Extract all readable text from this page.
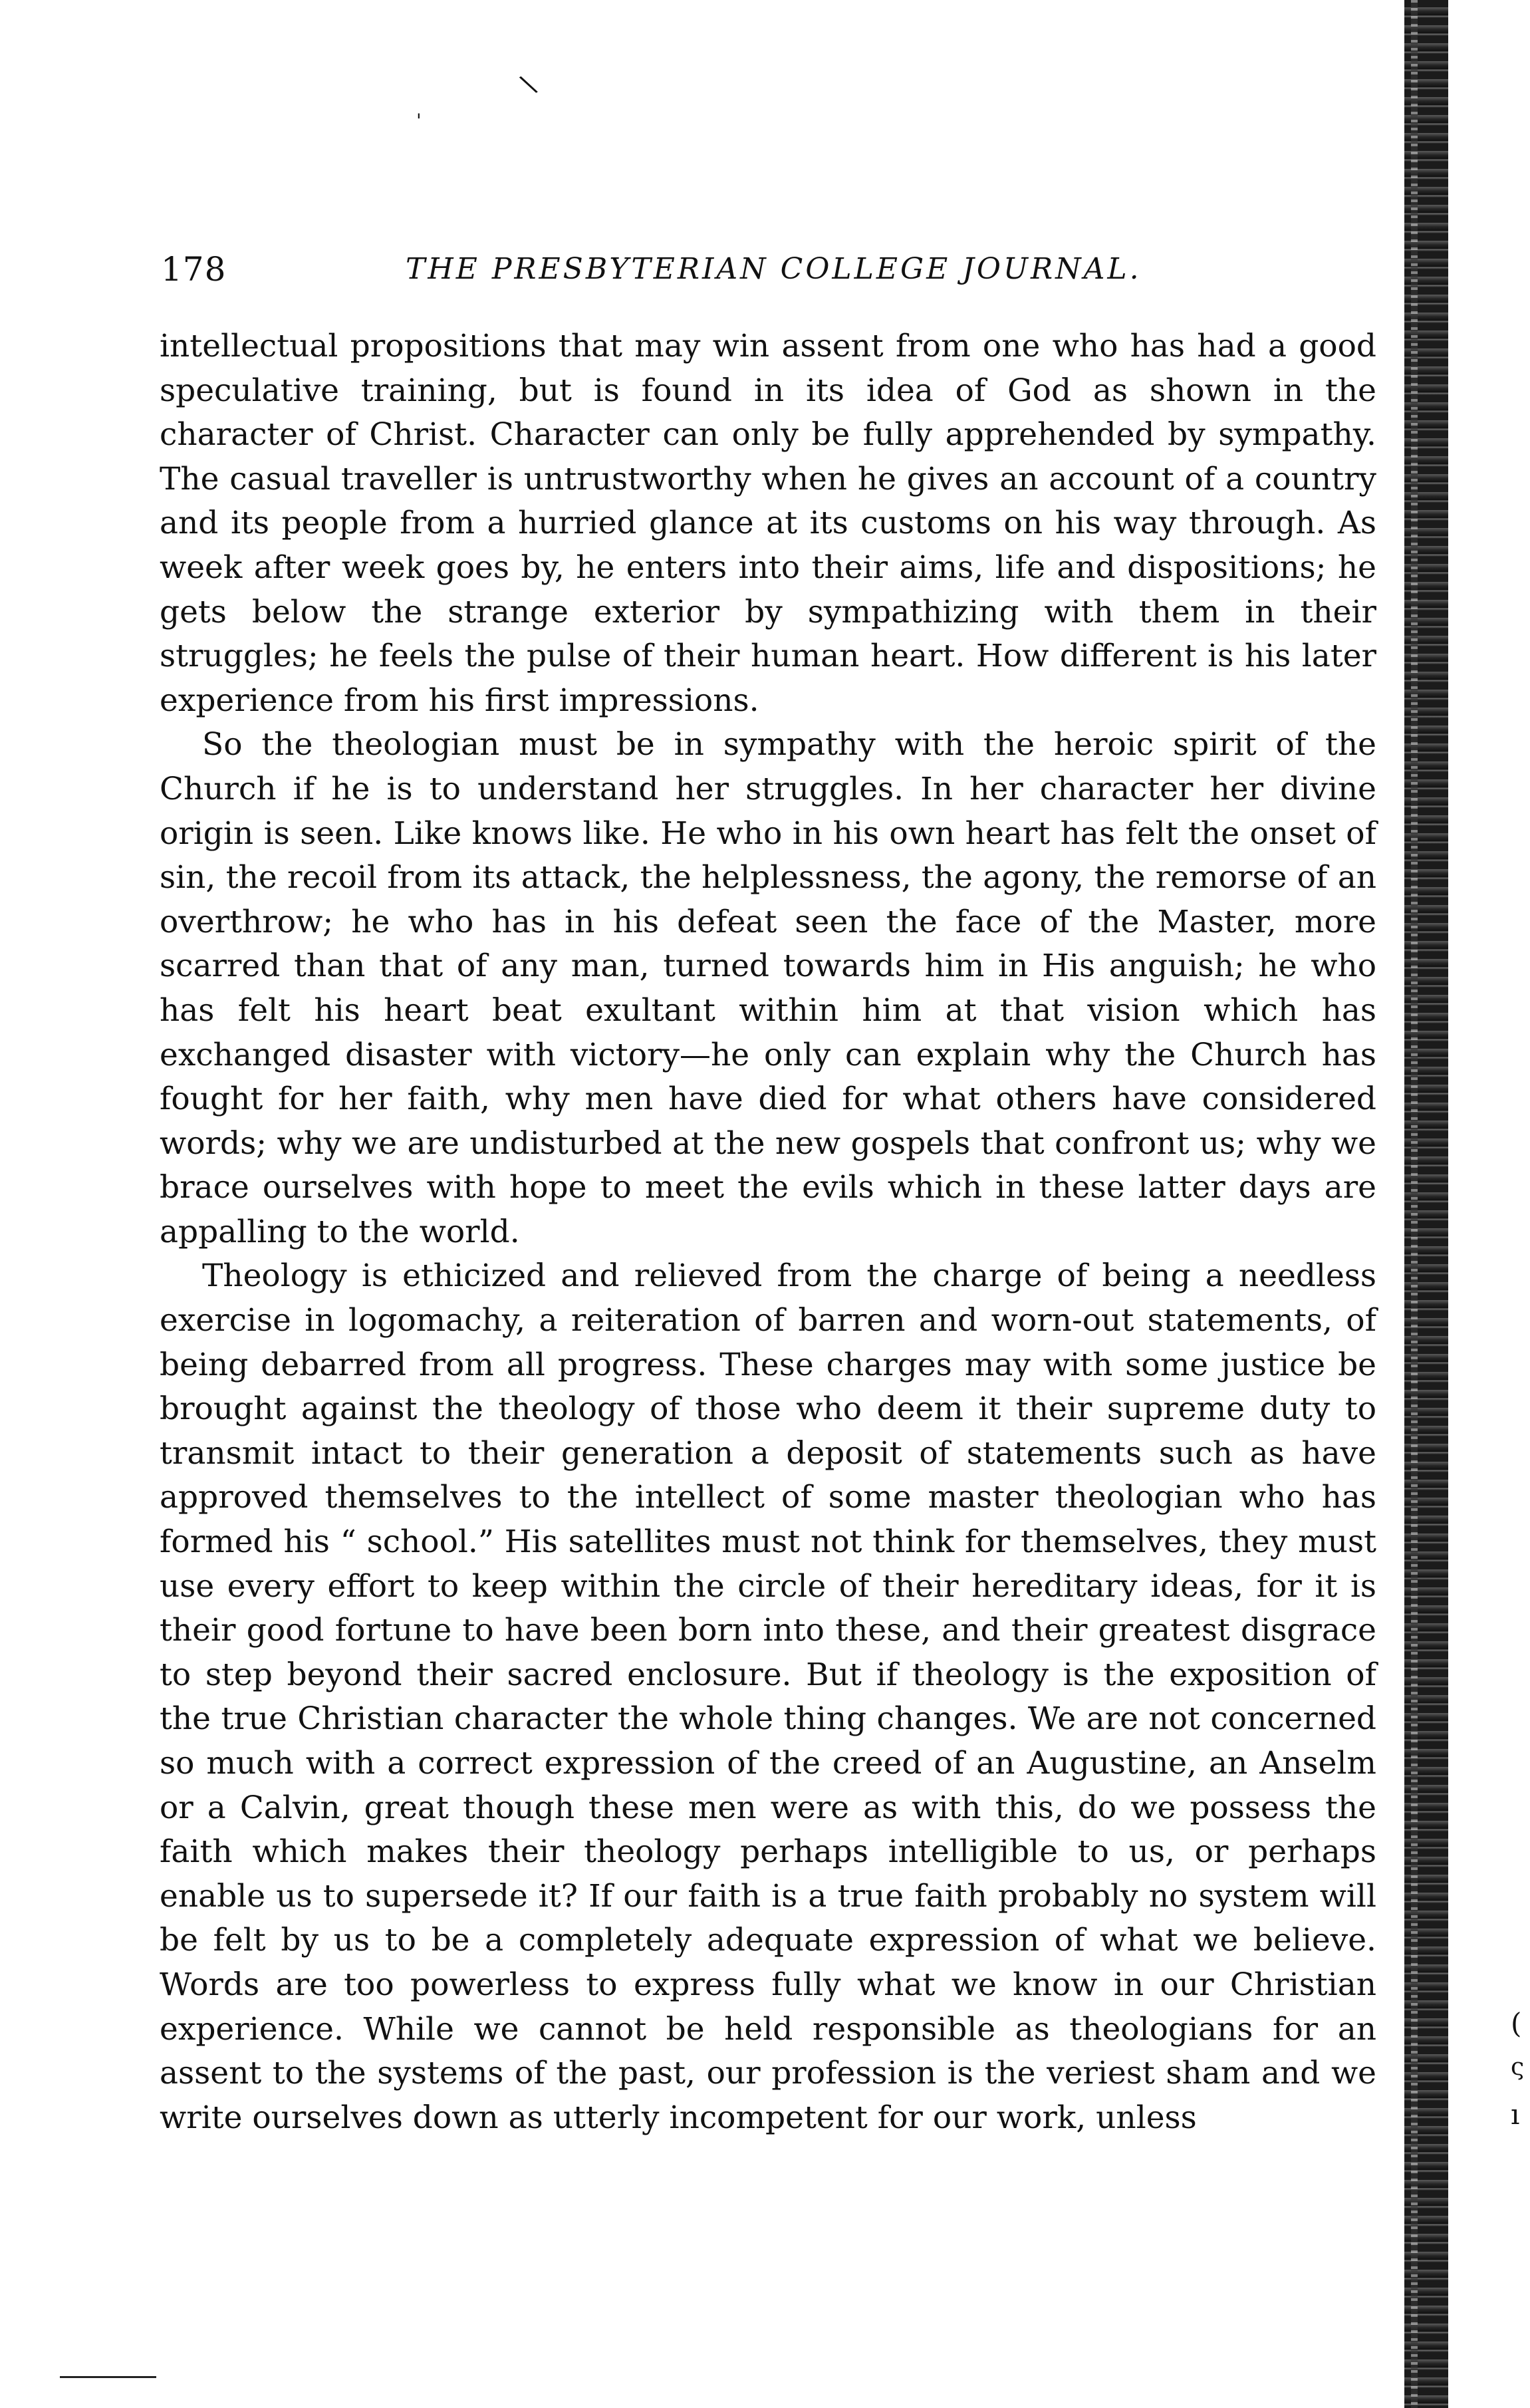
\
'
178	THE PRESBYTERIAN COLLEGE JOURNAL.

intellectual propositions that may win assent from one who has had a good speculative training, but is found in its idea of God as shown in the character of Christ. Character can only be fully apprehended by sympathy. The casual traveller is untrustworthy when he gives an account of a country and its people from a hurried glance at its customs on his way through. As week after week goes by, he enters into their aims, life and dispositions; he gets below the strange exterior by sympathizing with them in their struggles; he feels the pulse of their human heart. How different is his later experience from his first impressions.

So the theologian must be in sympathy with the heroic spirit of the Church if he is to understand her struggles. In her character her divine origin is seen. Like knows like. He who in his own heart has felt the onset of sin, the recoil from its attack, the helplessness, the agony, the remorse of an overthrow; he who has in his defeat seen the face of the Master, more scarred than that of any man, turned towards him in His anguish; he who has felt his heart beat exultant within him at that vision which has exchanged disaster with victory—he only can explain why the Church has fought for her faith, why men have died for what others have considered words; why we are undisturbed at the new gospels that confront us; why we brace ourselves with hope to meet the evils which in these latter days are appalling to the world.

Theology is ethicized and relieved from the charge of being a needless exercise in logomachy, a reiteration of barren and worn-out statements, of being debarred from all progress. These charges may with some justice be brought against the theology of those who deem it their supreme duty to transmit intact to their generation a deposit of statements such as have approved themselves to the intellect of some master theologian who has formed his “ school.” His satellites must not think for themselves, they must use every effort to keep within the circle of their hereditary ideas, for it is their good fortune to have been born into these, and their greatest disgrace to step beyond their sacred enclosure. But if theology is the exposition of the true Christian character the whole thing changes. We are not concerned so much with a correct expression of the creed of an Augustine, an Anselm or a Calvin, great though these men were as with this, do we possess the faith which makes their theology perhaps intelligible to us, or perhaps enable us to supersede it? If our faith is a true faith probably no system will be felt by us to be a completely adequate expression of what we believe. Words are too powerless to express fully what we know in our Christian experience. While we cannot be held responsible as theologians for an assent to the systems of the past, our profession is the veriest sham and we write ourselves down as utterly incompetent for our work, unless

(
ς
ı
